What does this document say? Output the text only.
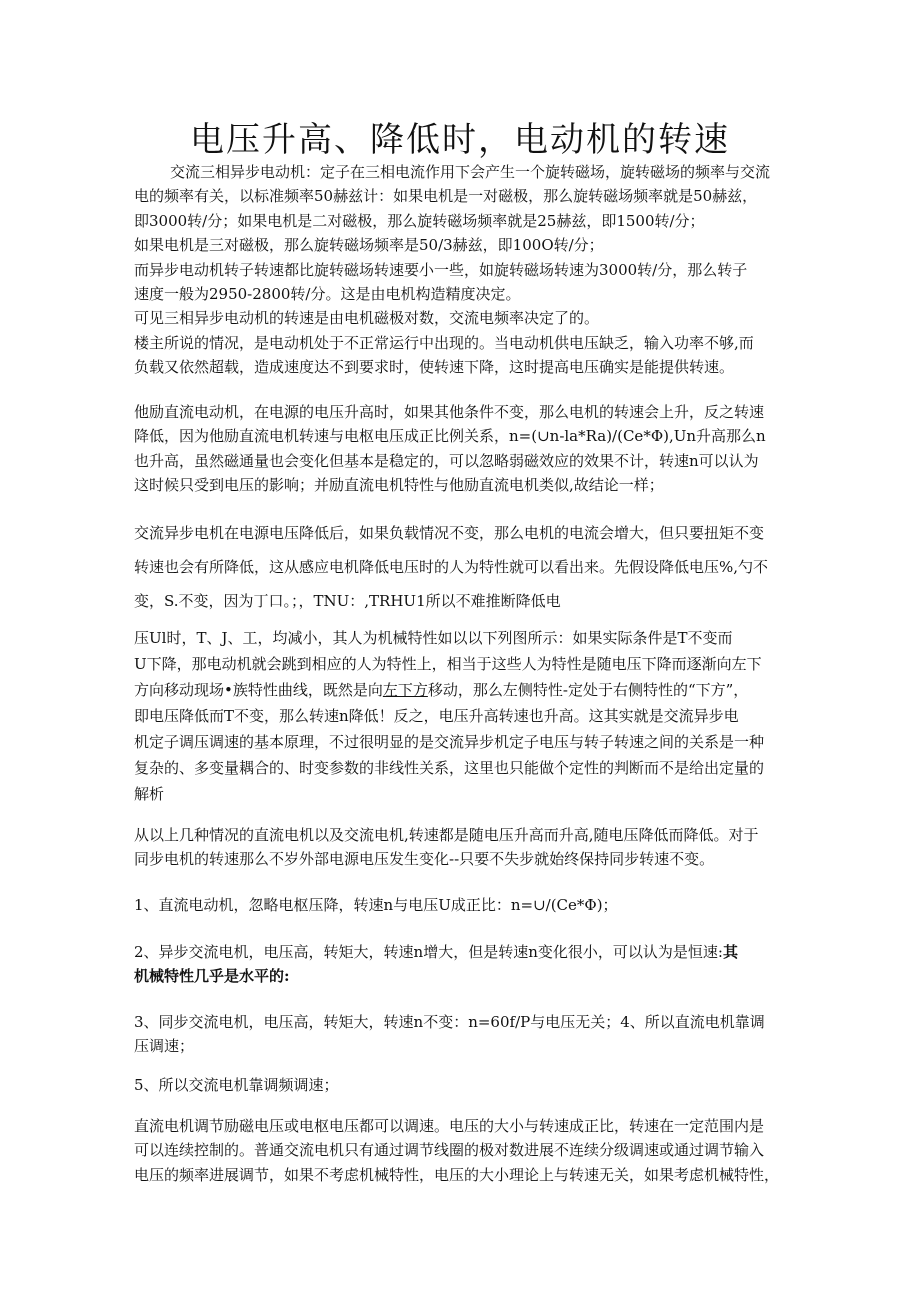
电压升高、降低时，电动机的转速
交流三相异步电动机：定子在三相电流作用下会产生一个旋转磁场，旋转磁场的频率与交流
电的频率有关，以标准频率50赫兹计：如果电机是一对磁极，那么旋转磁场频率就是50赫兹，
即3000转/分；如果电机是二对磁极，那么旋转磁场频率就是25赫兹，即1500转/分；
如果电机是三对磁极，那么旋转磁场频率是50/3赫兹，即100O转/分；
而异步电动机转子转速都比旋转磁场转速要小一些，如旋转磁场转速为3000转/分，那么转子
速度一般为2950-2800转/分。这是由电机构造精度决定。
可见三相异步电动机的转速是由电机磁极对数，交流电频率决定了的。
楼主所说的情况，是电动机处于不正常运行中出现的。当电动机供电压缺乏，输入功率不够,而
负载又依然超载，造成速度达不到要求时，使转速下降，这时提高电压确实是能提供转速。
他励直流电动机，在电源的电压升高时，如果其他条件不变，那么电机的转速会上升，反之转速
降低，因为他励直流电机转速与电枢电压成正比例关系，n=(∪n-la*Ra)/(Ce*Φ),Un升高那么n
也升高，虽然磁通量也会变化但基本是稳定的，可以忽略弱磁效应的效果不计，转速n可以认为
这时候只受到电压的影响；并励直流电机特性与他励直流电机类似,故结论一样；
交流异步电机在电源电压降低后，如果负载情况不变，那么电机的电流会增大，但只要扭矩不变
转速也会有所降低，这从感应电机降低电压时的人为特性就可以看出来。先假设降低电压%,勺不
变，S.不变，因为丁口。；，TNU：,TRHU1所以不难推断降低电
压Ul时，T、J、工，均减小，其人为机械特性如以以下列图所示：如果实际条件是T不变而
U下降，那电动机就会跳到相应的人为特性上，相当于这些人为特性是随电压下降而逐渐向左下
方向移动现场•族特性曲线，既然是向左下方移动，那么左侧特性-定处于右侧特性的“下方”，
即电压降低而T不变，那么转速n降低！反之，电压升高转速也升高。这其实就是交流异步电
机定子调压调速的基本原理，不过很明显的是交流异步机定子电压与转子转速之间的关系是一种
复杂的、多变量耦合的、时变参数的非线性关系，这里也只能做个定性的判断而不是给出定量的
解析
从以上几种情况的直流电机以及交流电机,转速都是随电压升高而升高,随电压降低而降低。对于
同步电机的转速那么不岁外部电源电压发生变化--只要不失步就始终保持同步转速不变。
1、直流电动机，忽略电枢压降，转速n与电压U成正比：n=∪/(Ce*Φ)；
2、异步交流电机，电压高，转矩大，转速n增大，但是转速n变化很小，可以认为是恒速:其
机械特性几乎是水平的:
3、同步交流电机，电压高，转矩大，转速n不变：n=60f/P与电压无关；4、所以直流电机靠调
压调速；
5、所以交流电机靠调频调速；
直流电机调节励磁电压或电枢电压都可以调速。电压的大小与转速成正比，转速在一定范围内是
可以连续控制的。普通交流电机只有通过调节线圈的极对数进展不连续分级调速或通过调节输入
电压的频率进展调节，如果不考虑机械特性，电压的大小理论上与转速无关，如果考虑机械特性，
